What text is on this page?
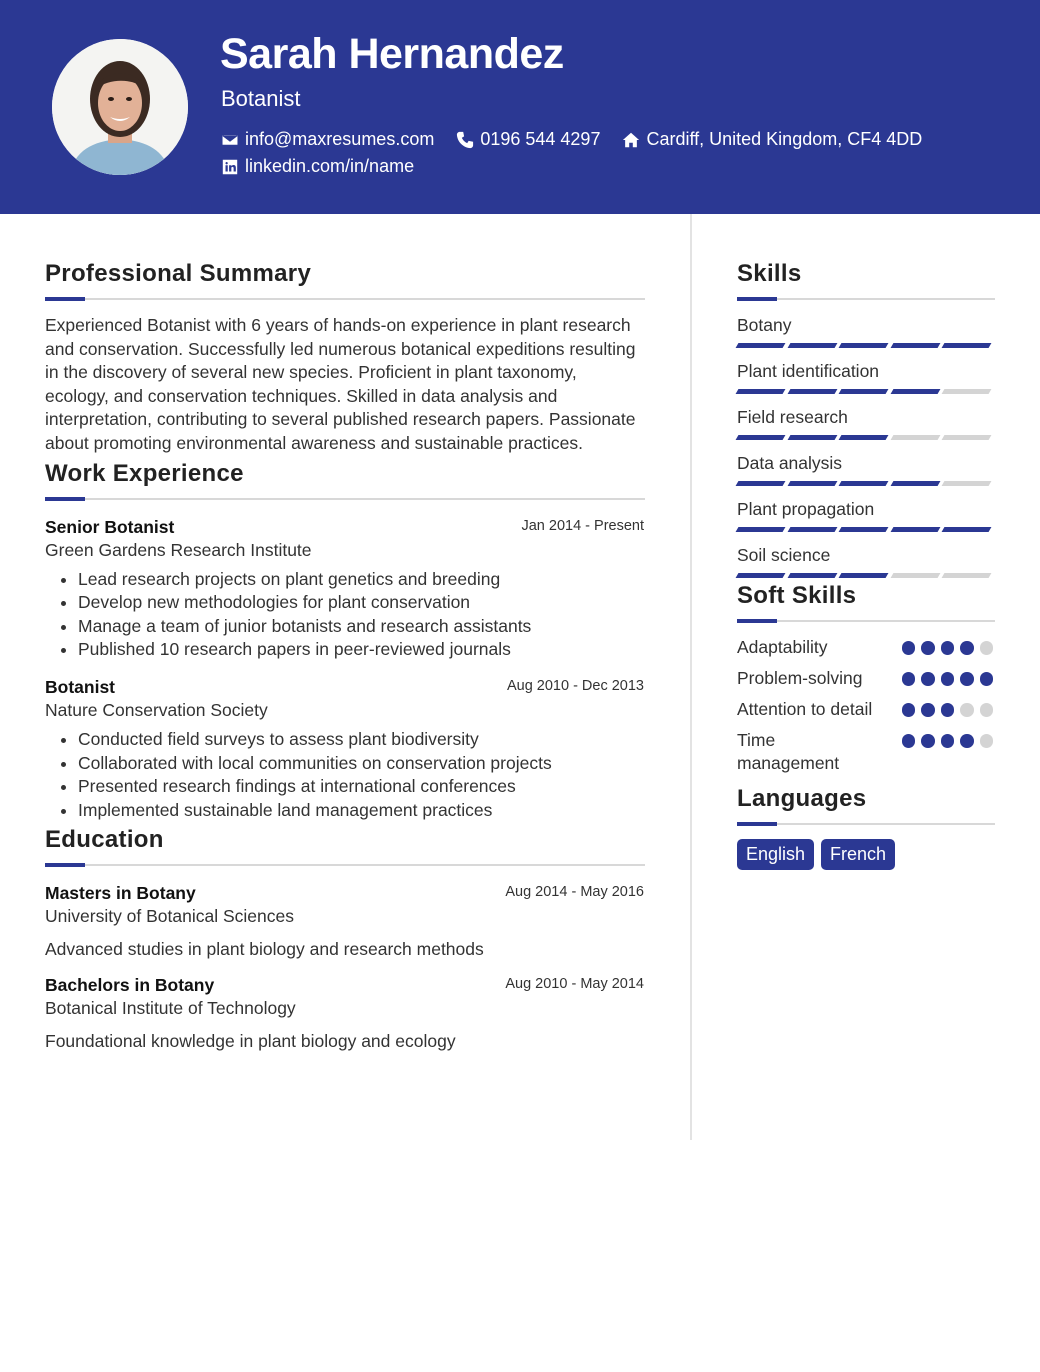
Sarah Hernandez
Botanist
info@maxresumes.com	0196 544 4297	Cardiff, United Kingdom, CF4 4DD
linkedin.com/in/name
Professional Summary
Experienced Botanist with 6 years of hands-on experience in plant research and conservation. Successfully led numerous botanical expeditions resulting in the discovery of several new species. Proficient in plant taxonomy, ecology, and conservation techniques. Skilled in data analysis and interpretation, contributing to several published research papers. Passionate about promoting environmental awareness and sustainable practices.
Work Experience
Senior Botanist
Green Gardens Research Institute
Jan 2014 - Present
• Lead research projects on plant genetics and breeding
• Develop new methodologies for plant conservation
• Manage a team of junior botanists and research assistants
• Published 10 research papers in peer-reviewed journals
Botanist
Nature Conservation Society
Aug 2010 - Dec 2013
• Conducted field surveys to assess plant biodiversity
• Collaborated with local communities on conservation projects
• Presented research findings at international conferences
• Implemented sustainable land management practices
Education
Masters in Botany
University of Botanical Sciences
Aug 2014 - May 2016
Advanced studies in plant biology and research methods
Bachelors in Botany
Botanical Institute of Technology
Aug 2010 - May 2014
Foundational knowledge in plant biology and ecology
Skills
Botany
Plant identification
Field research
Data analysis
Plant propagation
Soil science
Soft Skills
Adaptability
Problem-solving
Attention to detail
Time management
Languages
English	French
